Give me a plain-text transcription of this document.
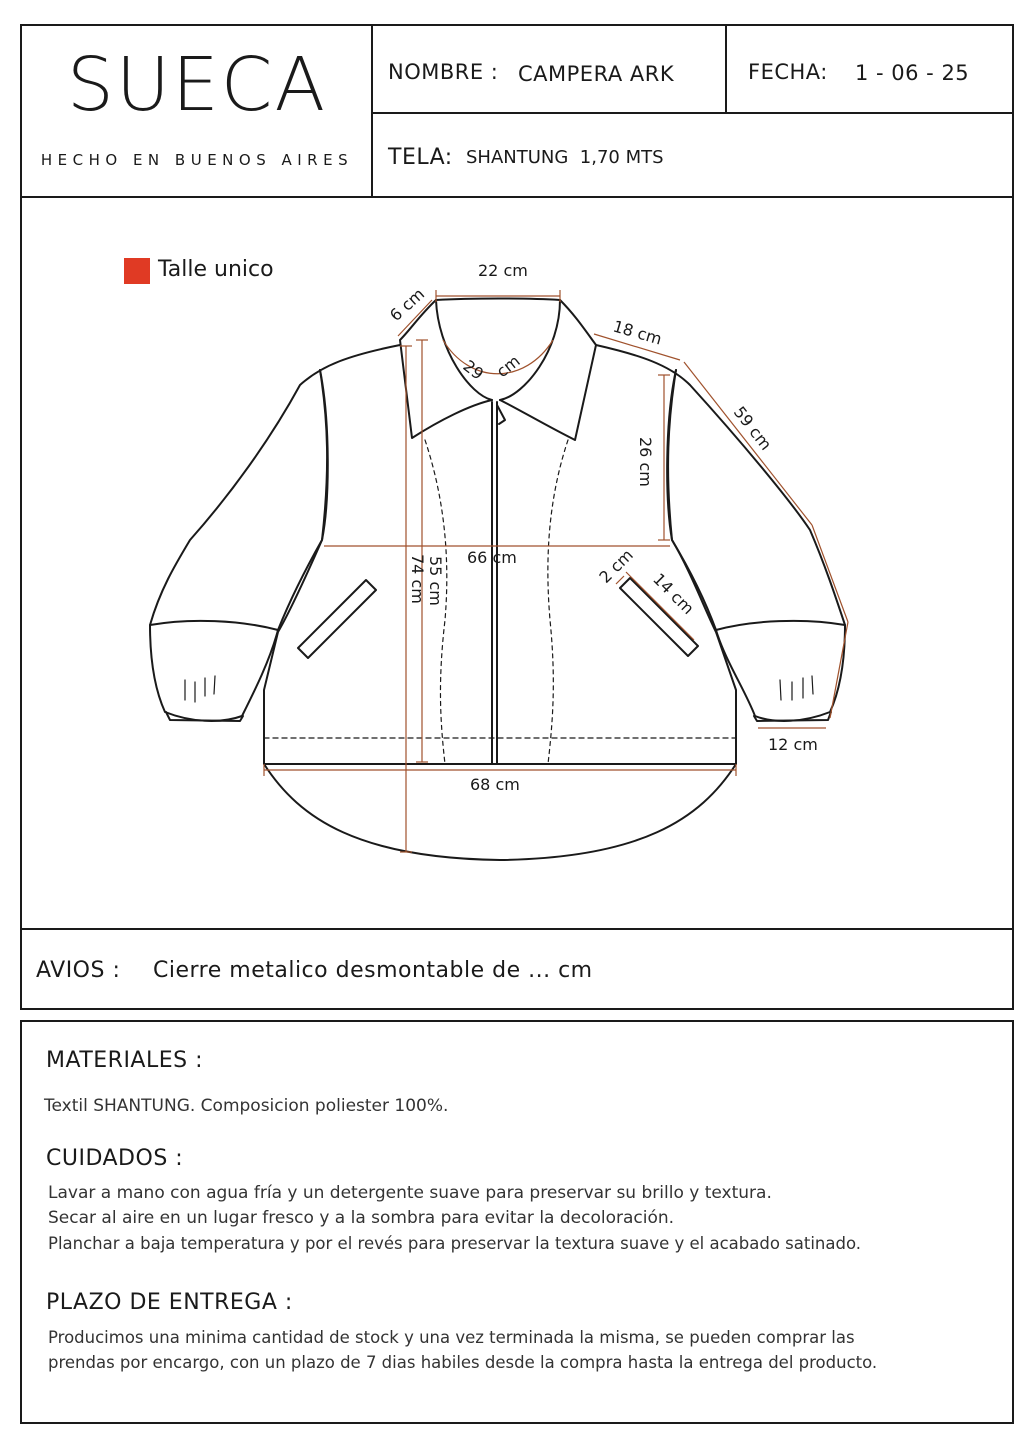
SUECA
HECHO EN BUENOS AIRES
NOMBRE : CAMPERA ARK	FECHA: 1 - 06 - 25
TELA: SHANTUNG  1,70 MTS
Talle unico	22 cm
6 cm
29 cm
18 cm
59 cm
26 cm
66 cm
55 cm
74 cm	2 cm
14 cm
12 cm
68 cm
AVIOS : Cierre metalico desmontable de ... cm
MATERIALES :
Textil SHANTUNG. Composicion poliester 100%.
CUIDADOS :
Lavar a mano con agua fría y un detergente suave para preservar su brillo y textura.
Secar al aire en un lugar fresco y a la sombra para evitar la decoloración.
Planchar a baja temperatura y por el revés para preservar la textura suave y el acabado satinado.
PLAZO DE ENTREGA :
Producimos una minima cantidad de stock y una vez terminada la misma, se pueden comprar las
prendas por encargo, con un plazo de 7 dias habiles desde la compra hasta la entrega del producto.
